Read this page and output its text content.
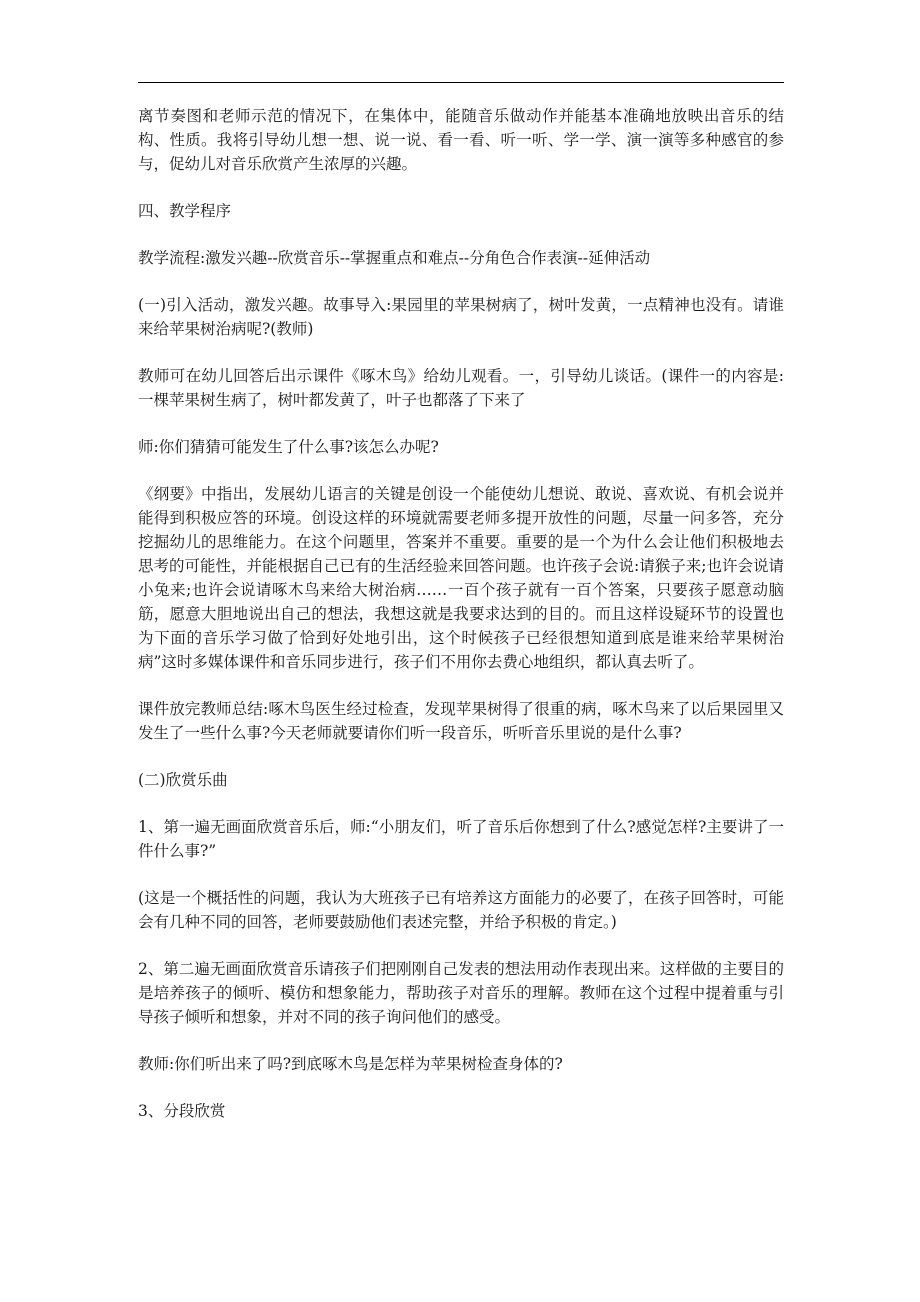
离节奏图和老师示范的情况下，在集体中，能随音乐做动作并能基本准确地放映出音乐的结构、性质。我将引导幼儿想一想、说一说、看一看、听一听、学一学、演一演等多种感官的参与，促幼儿对音乐欣赏产生浓厚的兴趣。

四、教学程序

教学流程:激发兴趣--欣赏音乐--掌握重点和难点--分角色合作表演--延伸活动

(一)引入活动，激发兴趣。故事导入:果园里的苹果树病了，树叶发黄，一点精神也没有。请谁来给苹果树治病呢?(教师)

教师可在幼儿回答后出示课件《啄木鸟》给幼儿观看。一，引导幼儿谈话。(课件一的内容是:一棵苹果树生病了，树叶都发黄了，叶子也都落了下来了

师:你们猜猜可能发生了什么事?该怎么办呢?

《纲要》中指出，发展幼儿语言的关键是创设一个能使幼儿想说、敢说、喜欢说、有机会说并能得到积极应答的环境。创设这样的环境就需要老师多提开放性的问题，尽量一问多答，充分挖掘幼儿的思维能力。在这个问题里，答案并不重要。重要的是一个为什么会让他们积极地去思考的可能性，并能根据自己已有的生活经验来回答问题。也许孩子会说:请猴子来;也许会说请小兔来;也许会说请啄木鸟来给大树治病……一百个孩子就有一百个答案，只要孩子愿意动脑筋，愿意大胆地说出自己的想法，我想这就是我要求达到的目的。而且这样设疑环节的设置也为下面的音乐学习做了恰到好处地引出，这个时候孩子已经很想知道到底是谁来给苹果树治病”这时多媒体课件和音乐同步进行，孩子们不用你去费心地组织，都认真去听了。

课件放完教师总结:啄木鸟医生经过检查，发现苹果树得了很重的病，啄木鸟来了以后果园里又发生了一些什么事?今天老师就要请你们听一段音乐，听听音乐里说的是什么事?

(二)欣赏乐曲

1、第一遍无画面欣赏音乐后，师:“小朋友们，听了音乐后你想到了什么?感觉怎样?主要讲了一件什么事?”

(这是一个概括性的问题，我认为大班孩子已有培养这方面能力的必要了，在孩子回答时，可能会有几种不同的回答，老师要鼓励他们表述完整，并给予积极的肯定。)

2、第二遍无画面欣赏音乐请孩子们把刚刚自己发表的想法用动作表现出来。这样做的主要目的是培养孩子的倾听、模仿和想象能力，帮助孩子对音乐的理解。教师在这个过程中提着重与引导孩子倾听和想象，并对不同的孩子询问他们的感受。

教师:你们听出来了吗?到底啄木鸟是怎样为苹果树检查身体的?

3、分段欣赏
